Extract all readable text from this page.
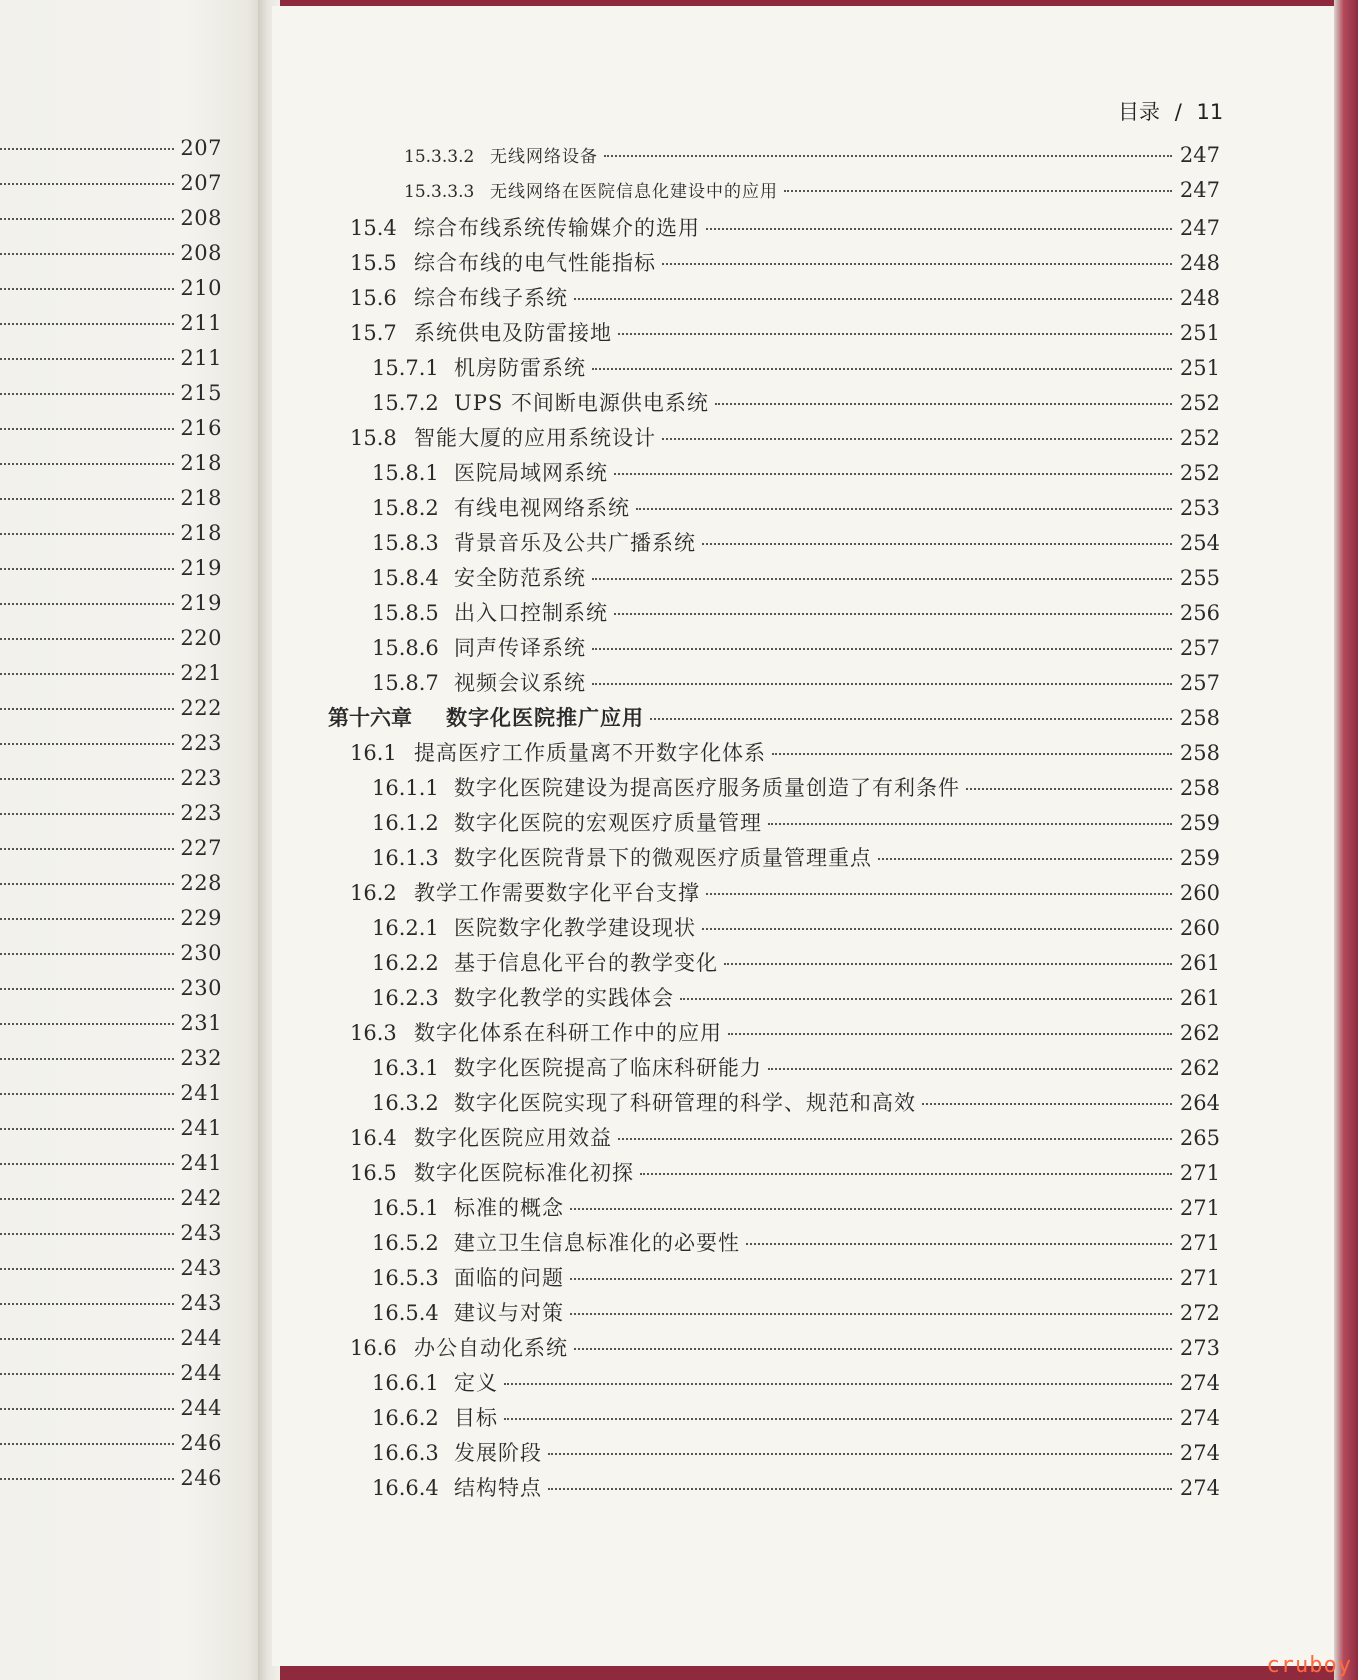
207
207
208
208
210
211
211
215
216
218
218
218
219
219
220
221
222
223
223
223
227
228
229
230
230
231
232
241
241
241
242
243
243
243
244
244
244
246
246
目录 / 11
15.3.3.2 无线网络设备	247
15.3.3.3 无线网络在医院信息化建设中的应用	247
15.4 综合布线系统传输媒介的选用	247
15.5 综合布线的电气性能指标	248
15.6 综合布线子系统	248
15.7 系统供电及防雷接地	251
15.7.1 机房防雷系统	251
15.7.2 UPS 不间断电源供电系统	252
15.8 智能大厦的应用系统设计	252
15.8.1 医院局域网系统	252
15.8.2 有线电视网络系统	253
15.8.3 背景音乐及公共广播系统	254
15.8.4 安全防范系统	255
15.8.5 出入口控制系统	256
15.8.6 同声传译系统	257
15.8.7 视频会议系统	257
第十六章	数字化医院推广应用	258
16.1 提高医疗工作质量离不开数字化体系	258
16.1.1 数字化医院建设为提高医疗服务质量创造了有利条件	258
16.1.2 数字化医院的宏观医疗质量管理	259
16.1.3 数字化医院背景下的微观医疗质量管理重点	259
16.2 教学工作需要数字化平台支撑	260
16.2.1 医院数字化教学建设现状	260
16.2.2 基于信息化平台的教学变化	261
16.2.3 数字化教学的实践体会	261
16.3 数字化体系在科研工作中的应用	262
16.3.1 数字化医院提高了临床科研能力	262
16.3.2 数字化医院实现了科研管理的科学、规范和高效	264
16.4 数字化医院应用效益	265
16.5 数字化医院标准化初探	271
16.5.1 标准的概念	271
16.5.2 建立卫生信息标准化的必要性	271
16.5.3 面临的问题	271
16.5.4 建议与对策	272
16.6 办公自动化系统	273
16.6.1 定义	274
16.6.2 目标	274
16.6.3 发展阶段	274
16.6.4 结构特点	274
cruboy
